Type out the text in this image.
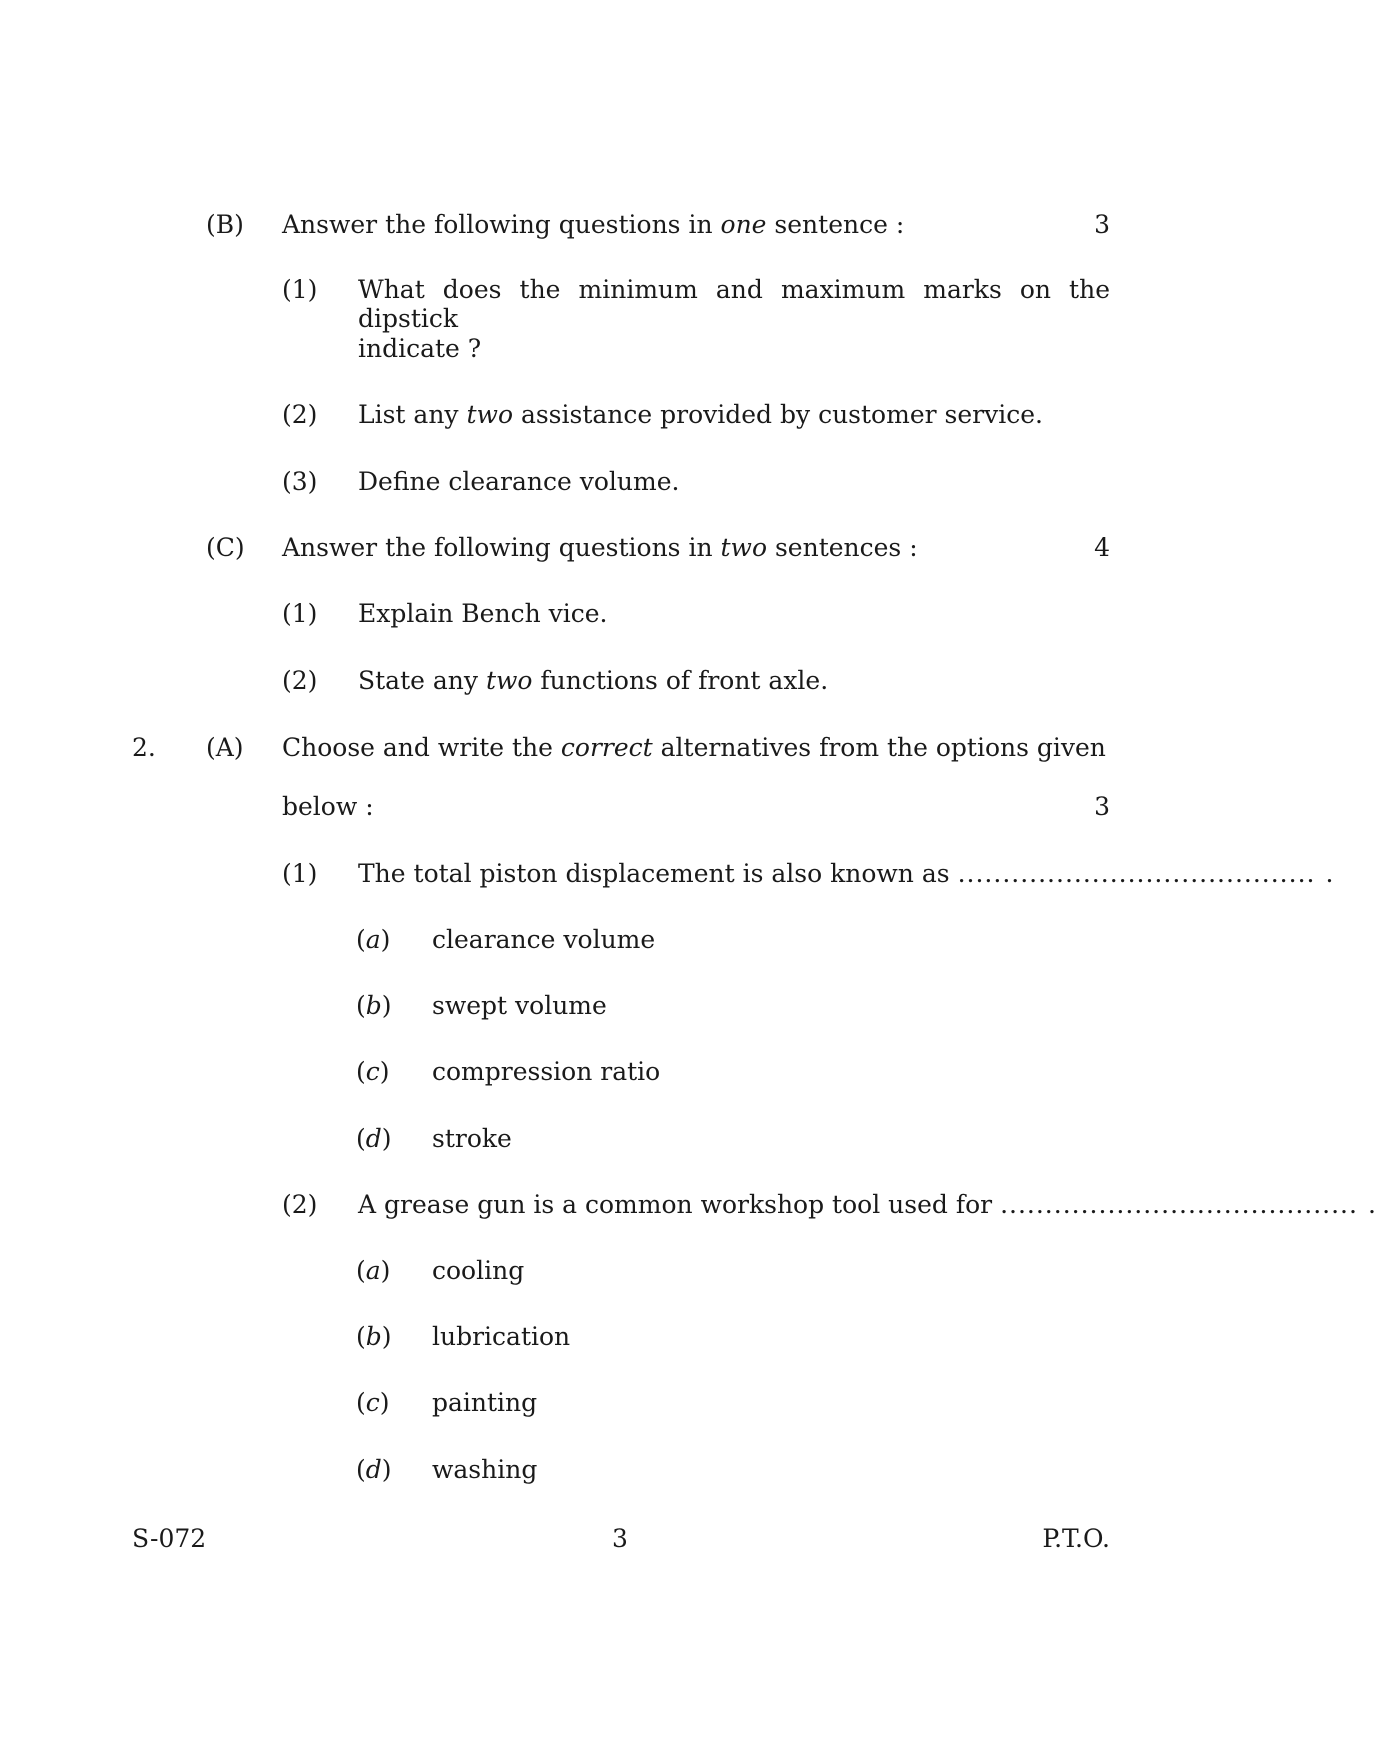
(B) Answer the following questions in one sentence :	3
(1) What does the minimum and maximum marks on the dipstick
indicate ?
(2) List any two assistance provided by customer service.
(3) Define clearance volume.
(C) Answer the following questions in two sentences :	4
(1) Explain Bench vice.
(2) State any two functions of front axle.
2. (A) Choose and write the correct alternatives from the options given
below :	3
(1) The total piston displacement is also known as ........................................ .
(a) clearance volume
(b) swept volume
(c) compression ratio
(d) stroke
(2) A grease gun is a common workshop tool used for ........................................ .
(a) cooling
(b) lubrication
(c) painting
(d) washing
S-072	3	P.T.O.
